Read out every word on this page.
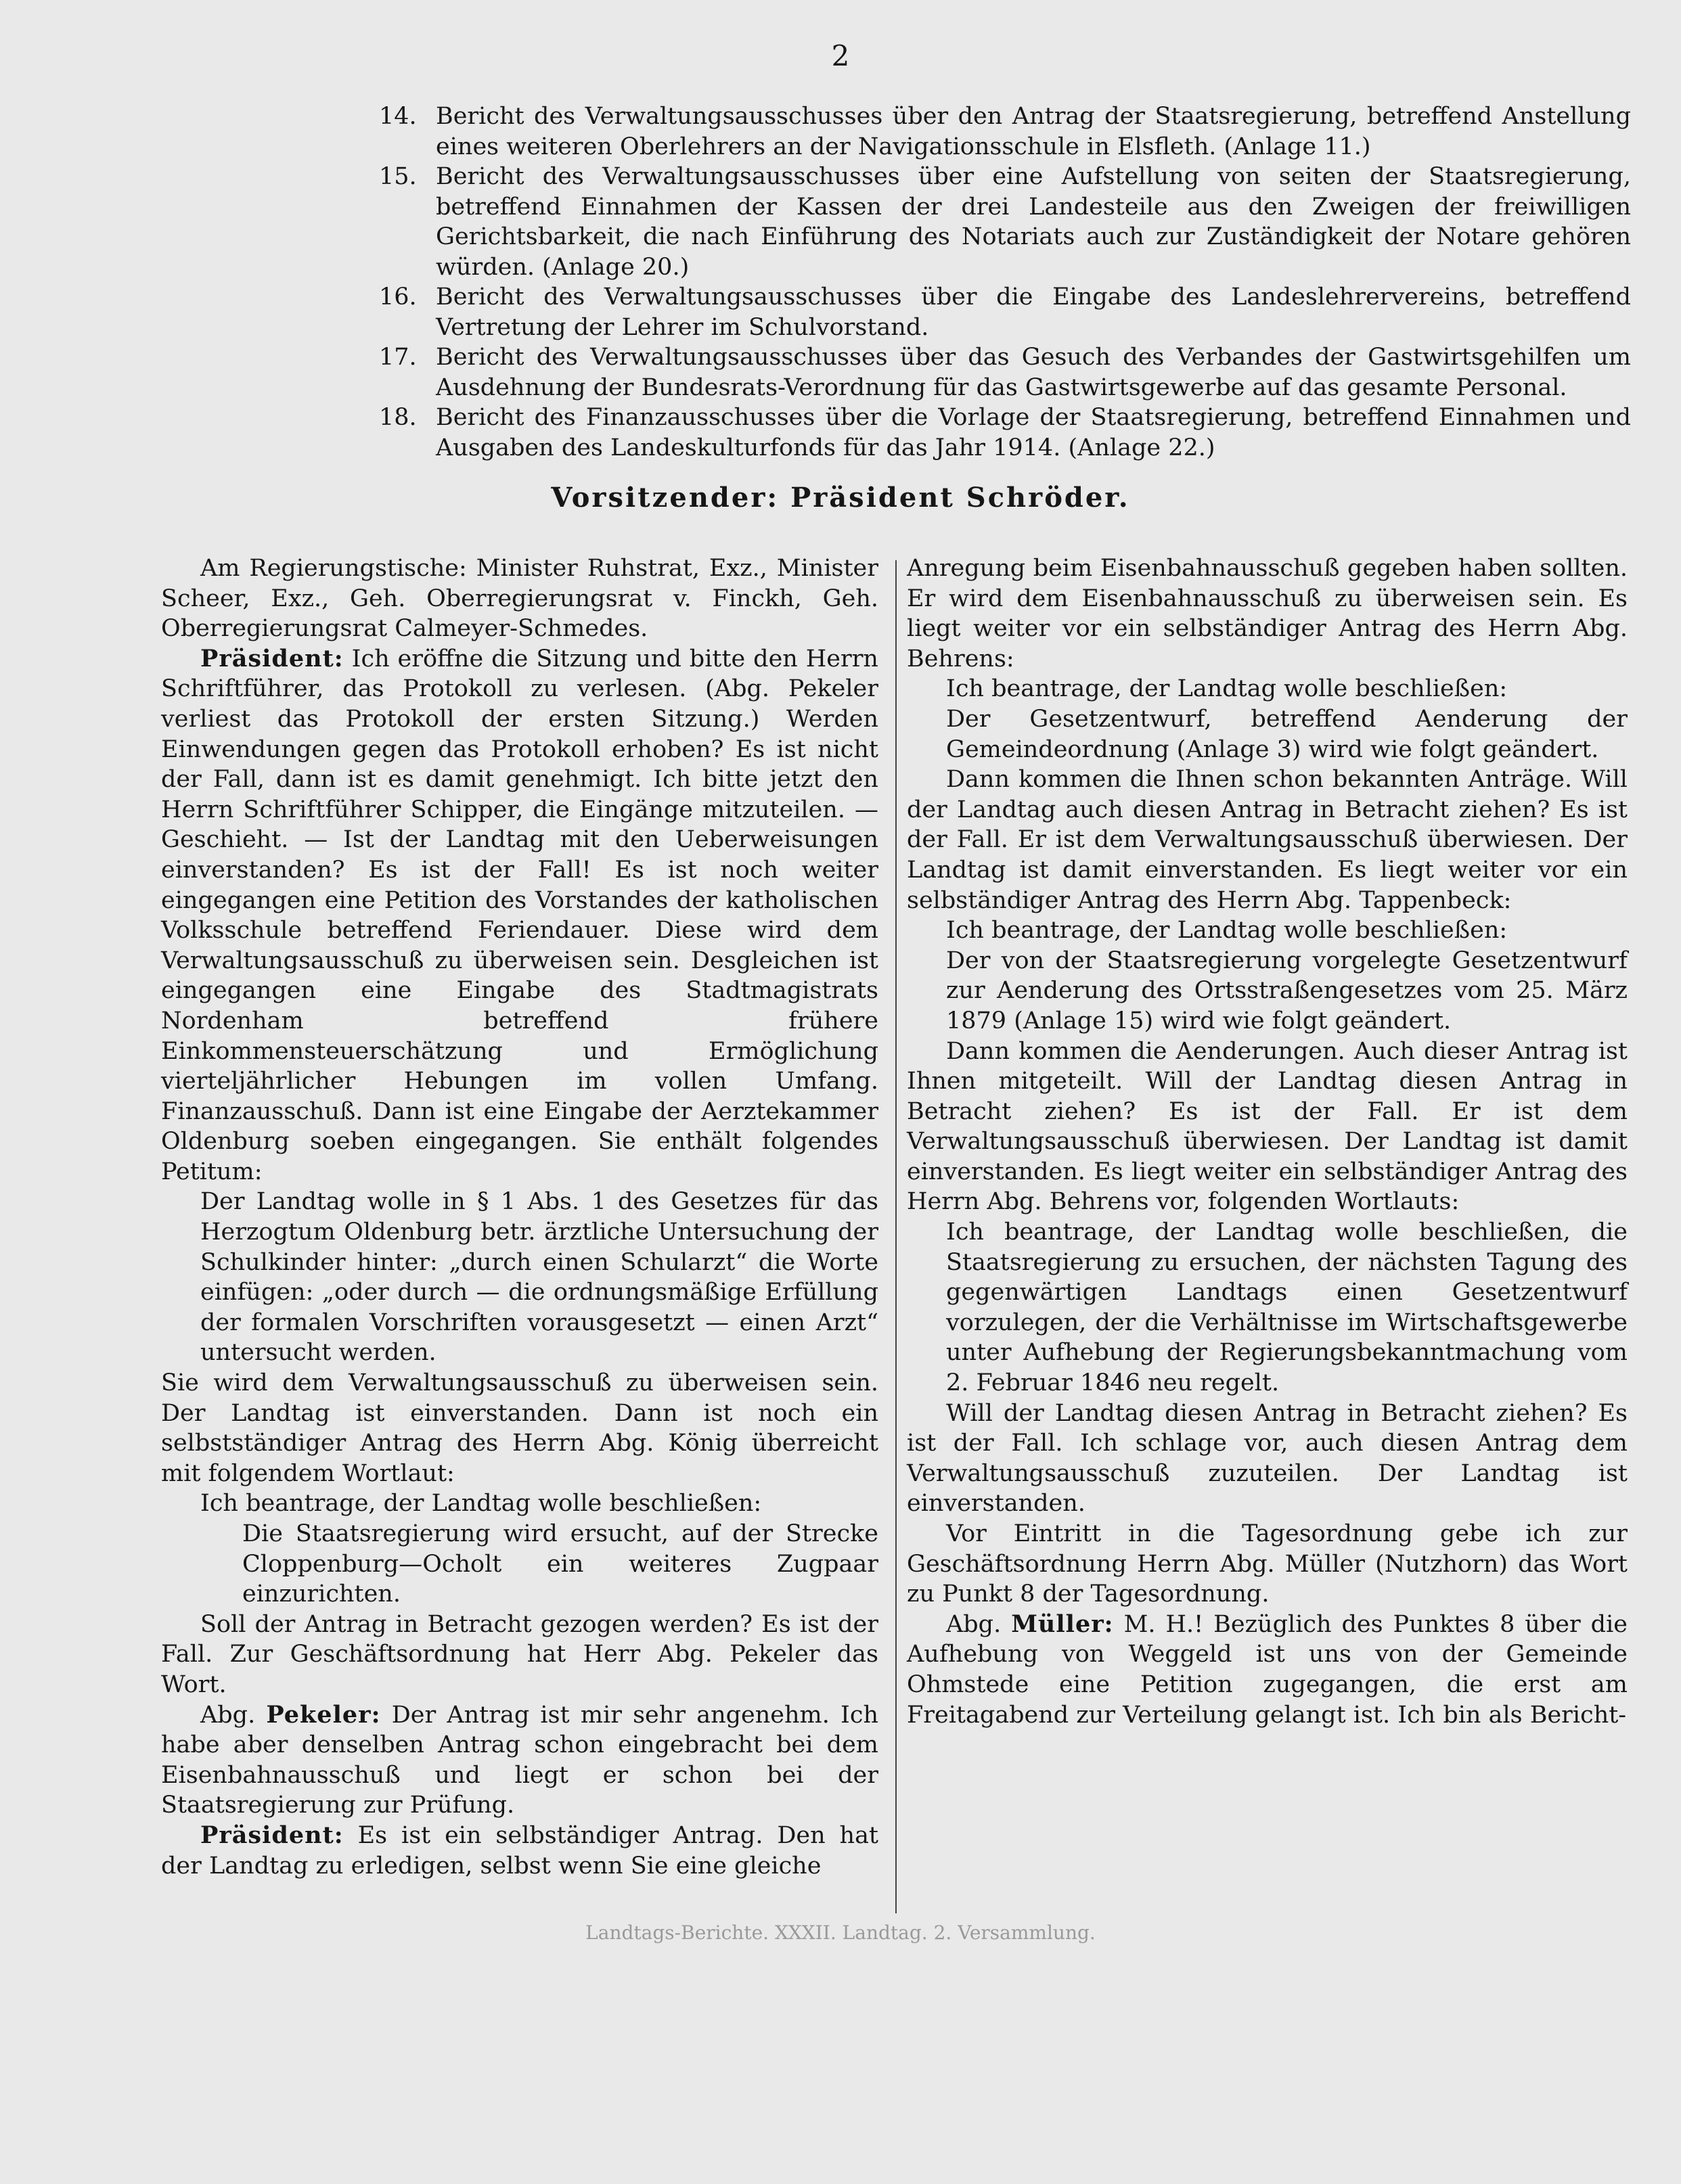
2
14. Bericht des Verwaltungsausschusses über den Antrag der Staatsregierung, betreffend Anstellung eines weiteren Oberlehrers an der Navigationsschule in Elsfleth. (Anlage 11.)
15. Bericht des Verwaltungsausschusses über eine Aufstellung von seiten der Staatsregierung, betreffend Einnahmen der Kassen der drei Landesteile aus den Zweigen der freiwilligen Gerichtsbarkeit, die nach Einführung des Notariats auch zur Zuständigkeit der Notare gehören würden. (Anlage 20.)
16. Bericht des Verwaltungsausschusses über die Eingabe des Landeslehrervereins, betreffend Vertretung der Lehrer im Schulvorstand.
17. Bericht des Verwaltungsausschusses über das Gesuch des Verbandes der Gastwirtsgehilfen um Ausdehnung der Bundesrats-Verordnung für das Gastwirtsgewerbe auf das gesamte Personal.
18. Bericht des Finanzausschusses über die Vorlage der Staatsregierung, betreffend Einnahmen und Ausgaben des Landeskulturfonds für das Jahr 1914. (Anlage 22.)
Vorsitzender: Präsident Schröder.

Am Regierungstische: Minister Ruhstrat, Exz., Minister Scheer, Exz., Geh. Oberregierungsrat v. Finckh, Geh. Oberregierungsrat Calmeyer-Schmedes.

Präsident: Ich eröffne die Sitzung und bitte den Herrn Schriftführer, das Protokoll zu verlesen. (Abg. Pekeler verliest das Protokoll der ersten Sitzung.) Werden Einwendungen gegen das Protokoll erhoben? Es ist nicht der Fall, dann ist es damit genehmigt. Ich bitte jetzt den Herrn Schriftführer Schipper, die Eingänge mitzuteilen. — Geschieht. — Ist der Landtag mit den Ueberweisungen einverstanden? Es ist der Fall! Es ist noch weiter eingegangen eine Petition des Vorstandes der katholischen Volksschule betreffend Feriendauer. Diese wird dem Verwaltungsausschuß zu überweisen sein. Desgleichen ist eingegangen eine Eingabe des Stadtmagistrats Nordenham betreffend frühere Einkommensteuerschätzung und Ermöglichung vierteljährlicher Hebungen im vollen Umfang. Finanzausschuß. Dann ist eine Eingabe der Aerztekammer Oldenburg soeben eingegangen. Sie enthält folgendes Petitum:

Der Landtag wolle in § 1 Abs. 1 des Gesetzes für das Herzogtum Oldenburg betr. ärztliche Untersuchung der Schulkinder hinter: „durch einen Schularzt“ die Worte einfügen: „oder durch — die ordnungsmäßige Erfüllung der formalen Vorschriften vorausgesetzt — einen Arzt“ untersucht werden.

Sie wird dem Verwaltungsausschuß zu überweisen sein. Der Landtag ist einverstanden. Dann ist noch ein selbstständiger Antrag des Herrn Abg. König überreicht mit folgendem Wortlaut:

Ich beantrage, der Landtag wolle beschließen:

Die Staatsregierung wird ersucht, auf der Strecke Cloppenburg—Ocholt ein weiteres Zugpaar einzurichten.

Soll der Antrag in Betracht gezogen werden? Es ist der Fall. Zur Geschäftsordnung hat Herr Abg. Pekeler das Wort.

Abg. Pekeler: Der Antrag ist mir sehr angenehm. Ich habe aber denselben Antrag schon eingebracht bei dem Eisenbahnausschuß und liegt er schon bei der Staatsregierung zur Prüfung.

Präsident: Es ist ein selbständiger Antrag. Den hat der Landtag zu erledigen, selbst wenn Sie eine gleiche

Anregung beim Eisenbahnausschuß gegeben haben sollten. Er wird dem Eisenbahnausschuß zu überweisen sein. Es liegt weiter vor ein selbständiger Antrag des Herrn Abg. Behrens:

Ich beantrage, der Landtag wolle beschließen:

Der Gesetzentwurf, betreffend Aenderung der Gemeindeordnung (Anlage 3) wird wie folgt geändert.

Dann kommen die Ihnen schon bekannten Anträge. Will der Landtag auch diesen Antrag in Betracht ziehen? Es ist der Fall. Er ist dem Verwaltungsausschuß überwiesen. Der Landtag ist damit einverstanden. Es liegt weiter vor ein selbständiger Antrag des Herrn Abg. Tappenbeck:

Ich beantrage, der Landtag wolle beschließen:

Der von der Staatsregierung vorgelegte Gesetzentwurf zur Aenderung des Ortsstraßengesetzes vom 25. März 1879 (Anlage 15) wird wie folgt geändert.

Dann kommen die Aenderungen. Auch dieser Antrag ist Ihnen mitgeteilt. Will der Landtag diesen Antrag in Betracht ziehen? Es ist der Fall. Er ist dem Verwaltungsausschuß überwiesen. Der Landtag ist damit einverstanden. Es liegt weiter ein selbständiger Antrag des Herrn Abg. Behrens vor, folgenden Wortlauts:

Ich beantrage, der Landtag wolle beschließen, die Staatsregierung zu ersuchen, der nächsten Tagung des gegenwärtigen Landtags einen Gesetzentwurf vorzulegen, der die Verhältnisse im Wirtschaftsgewerbe unter Aufhebung der Regierungsbekanntmachung vom 2. Februar 1846 neu regelt.

Will der Landtag diesen Antrag in Betracht ziehen? Es ist der Fall. Ich schlage vor, auch diesen Antrag dem Verwaltungsausschuß zuzuteilen. Der Landtag ist einverstanden.

Vor Eintritt in die Tagesordnung gebe ich zur Geschäftsordnung Herrn Abg. Müller (Nutzhorn) das Wort zu Punkt 8 der Tagesordnung.

Abg. Müller: M. H.! Bezüglich des Punktes 8 über die Aufhebung von Weggeld ist uns von der Gemeinde Ohmstede eine Petition zugegangen, die erst am Freitagabend zur Verteilung gelangt ist. Ich bin als Bericht-

Landtags-Berichte. XXXII. Landtag. 2. Versammlung.
